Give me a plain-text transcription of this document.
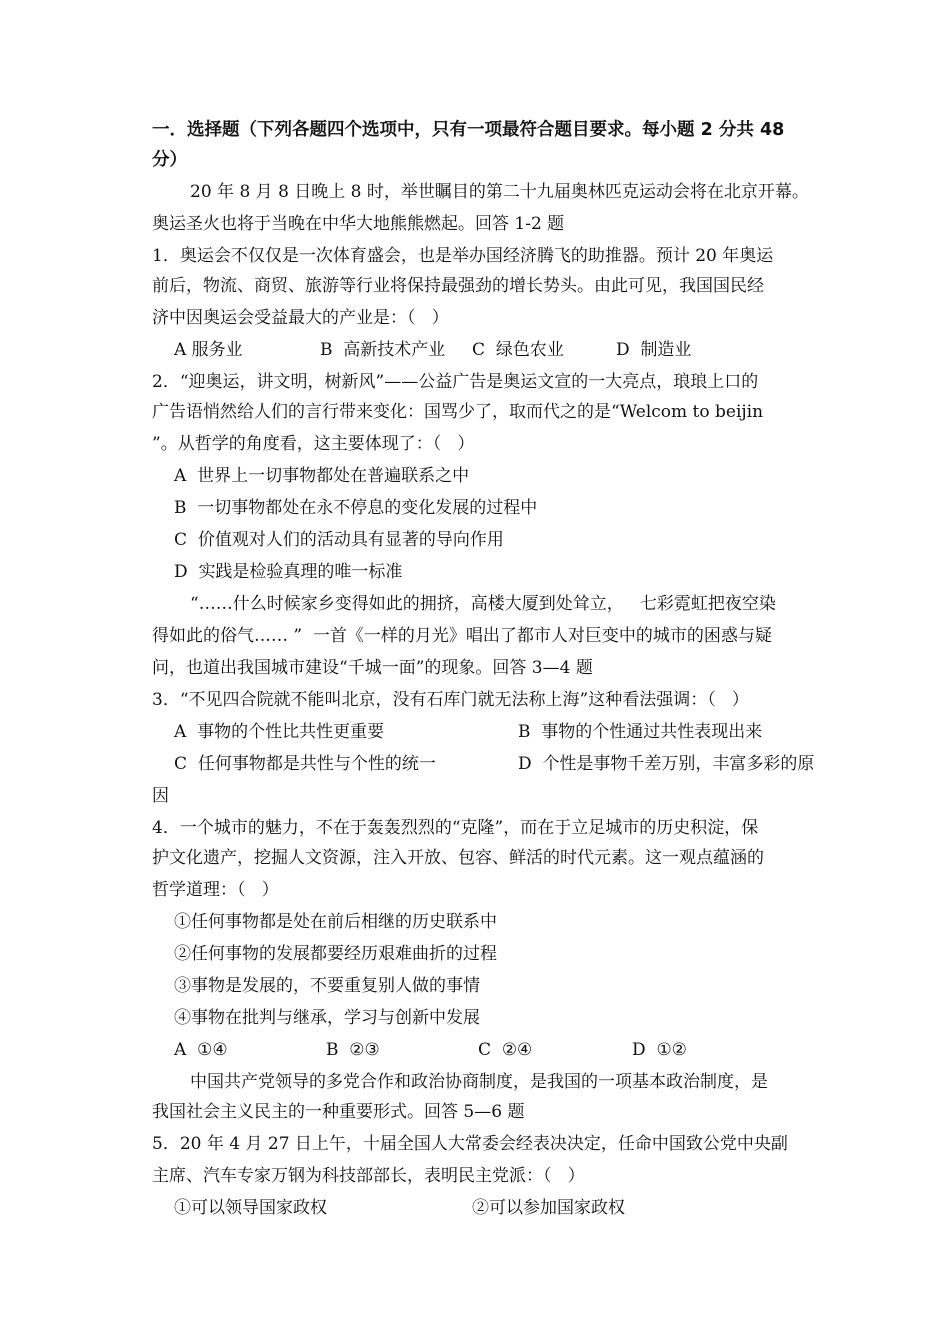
一．选择题（下列各题四个选项中，只有一项最符合题目要求。每小题 2 分共 48
分）
20 年 8 月 8 日晚上 8 时，举世瞩目的第二十九届奥林匹克运动会将在北京开幕。
奥运圣火也将于当晚在中华大地熊熊燃起。回答 1-2 题
1．奥运会不仅仅是一次体育盛会，也是举办国经济腾飞的助推器。预计 20 年奥运
前后，物流、商贸、旅游等行业将保持最强劲的增长势头。由此可见，我国国民经
济中因奥运会受益最大的产业是：（   ）
A 服务业	B  高新技术产业 C  绿色农业	D  制造业
2．“迎奥运，讲文明，树新风”——公益广告是奥运文宣的一大亮点，琅琅上口的
广告语悄然给人们的言行带来变化：国骂少了，取而代之的是“Welcom to beijin
”。从哲学的角度看，这主要体现了：（   ）
A  世界上一切事物都处在普遍联系之中
B  一切事物都处在永不停息的变化发展的过程中
C  价值观对人们的活动具有显著的导向作用
D  实践是检验真理的唯一标准
“……什么时候家乡变得如此的拥挤，高楼大厦到处耸立，   七彩霓虹把夜空染
得如此的俗气…… ”  一首《一样的月光》唱出了都市人对巨变中的城市的困惑与疑
问，也道出我国城市建设“千城一面”的现象。回答 3—4 题
3．“不见四合院就不能叫北京，没有石库门就无法称上海”这种看法强调：（   ）
A  事物的个性比共性更重要	B  事物的个性通过共性表现出来
C  任何事物都是共性与个性的统一	D  个性是事物千差万别，丰富多彩的原
因
4．一个城市的魅力，不在于轰轰烈烈的“克隆”，而在于立足城市的历史积淀，保
护文化遗产，挖掘人文资源，注入开放、包容、鲜活的时代元素。这一观点蕴涵的
哲学道理：（   ）
①任何事物都是处在前后相继的历史联系中
②任何事物的发展都要经历艰难曲折的过程
③事物是发展的，不要重复别人做的事情
④事物在批判与继承，学习与创新中发展
A  ①④	B  ②③	C  ②④	D  ①②
中国共产党领导的多党合作和政治协商制度，是我国的一项基本政治制度，是
我国社会主义民主的一种重要形式。回答 5—6 题
5．20 年 4 月 27 日上午，十届全国人大常委会经表决决定，任命中国致公党中央副
主席、汽车专家万钢为科技部部长，表明民主党派：（   ）
①可以领导国家政权	②可以参加国家政权
